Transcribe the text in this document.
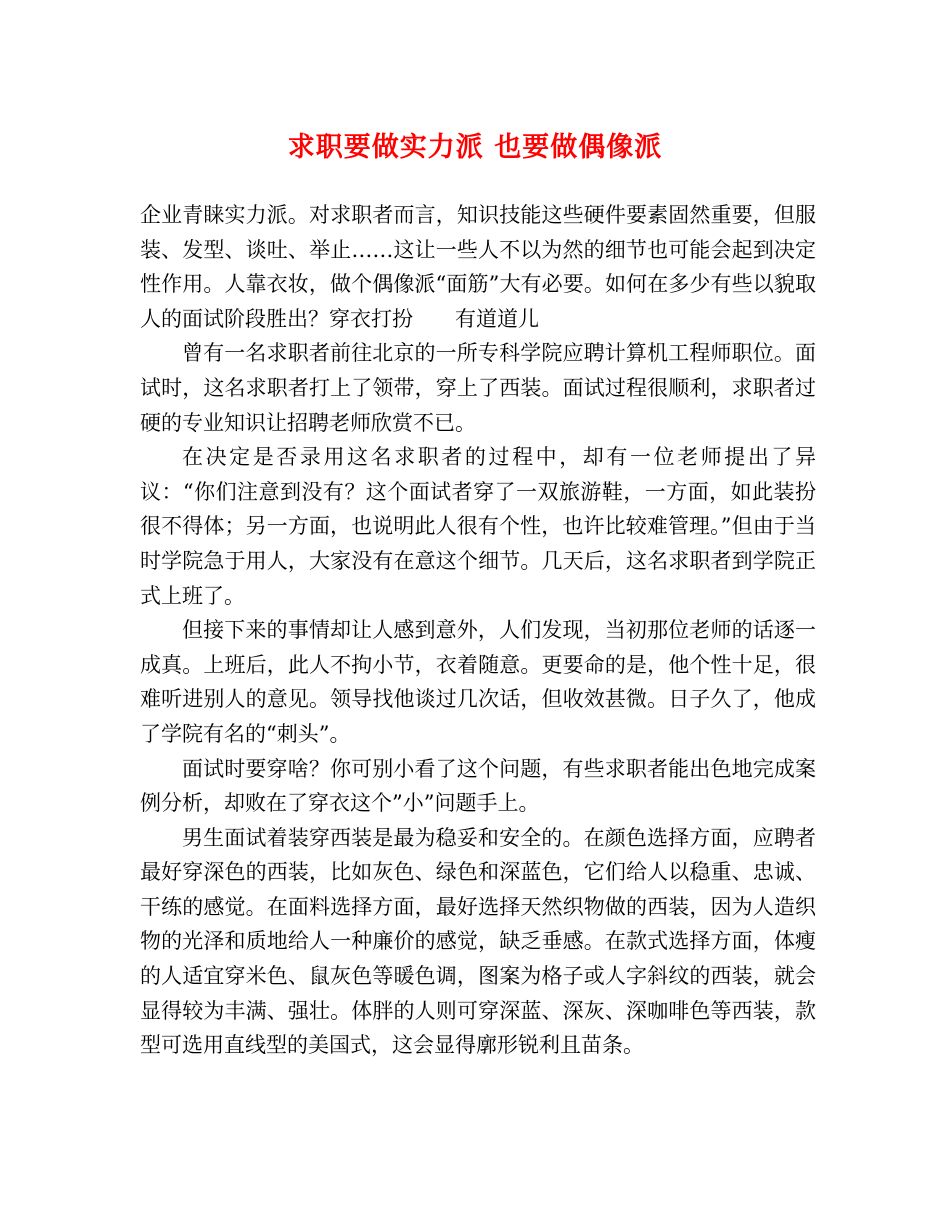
求职要做实力派 也要做偶像派

企业青睐实力派。对求职者而言，知识技能这些硬件要素固然重要，但服装、发型、谈吐、举止……这让一些人不以为然的细节也可能会起到决定性作用。人靠衣妆，做个偶像派“面筋”大有必要。如何在多少有些以貌取人的面试阶段胜出？穿衣打扮　　有道道儿

曾有一名求职者前往北京的一所专科学院应聘计算机工程师职位。面试时，这名求职者打上了领带，穿上了西装。面试过程很顺利，求职者过硬的专业知识让招聘老师欣赏不已。

在决定是否录用这名求职者的过程中，却有一位老师提出了异议：“你们注意到没有？这个面试者穿了一双旅游鞋，一方面，如此装扮很不得体；另一方面，也说明此人很有个性，也许比较难管理。”但由于当时学院急于用人，大家没有在意这个细节。几天后，这名求职者到学院正式上班了。

但接下来的事情却让人感到意外，人们发现，当初那位老师的话逐一成真。上班后，此人不拘小节，衣着随意。更要命的是，他个性十足，很难听进别人的意见。领导找他谈过几次话，但收效甚微。日子久了，他成了学院有名的“刺头”。

面试时要穿啥？你可别小看了这个问题，有些求职者能出色地完成案例分析，却败在了穿衣这个”小”问题手上。

男生面试着装穿西装是最为稳妥和安全的。在颜色选择方面，应聘者最好穿深色的西装，比如灰色、绿色和深蓝色，它们给人以稳重、忠诚、干练的感觉。在面料选择方面，最好选择天然织物做的西装，因为人造织物的光泽和质地给人一种廉价的感觉，缺乏垂感。在款式选择方面，体瘦的人适宜穿米色、鼠灰色等暖色调，图案为格子或人字斜纹的西装，就会显得较为丰满、强壮。体胖的人则可穿深蓝、深灰、深咖啡色等西装，款型可选用直线型的美国式，这会显得廓形锐利且苗条。
